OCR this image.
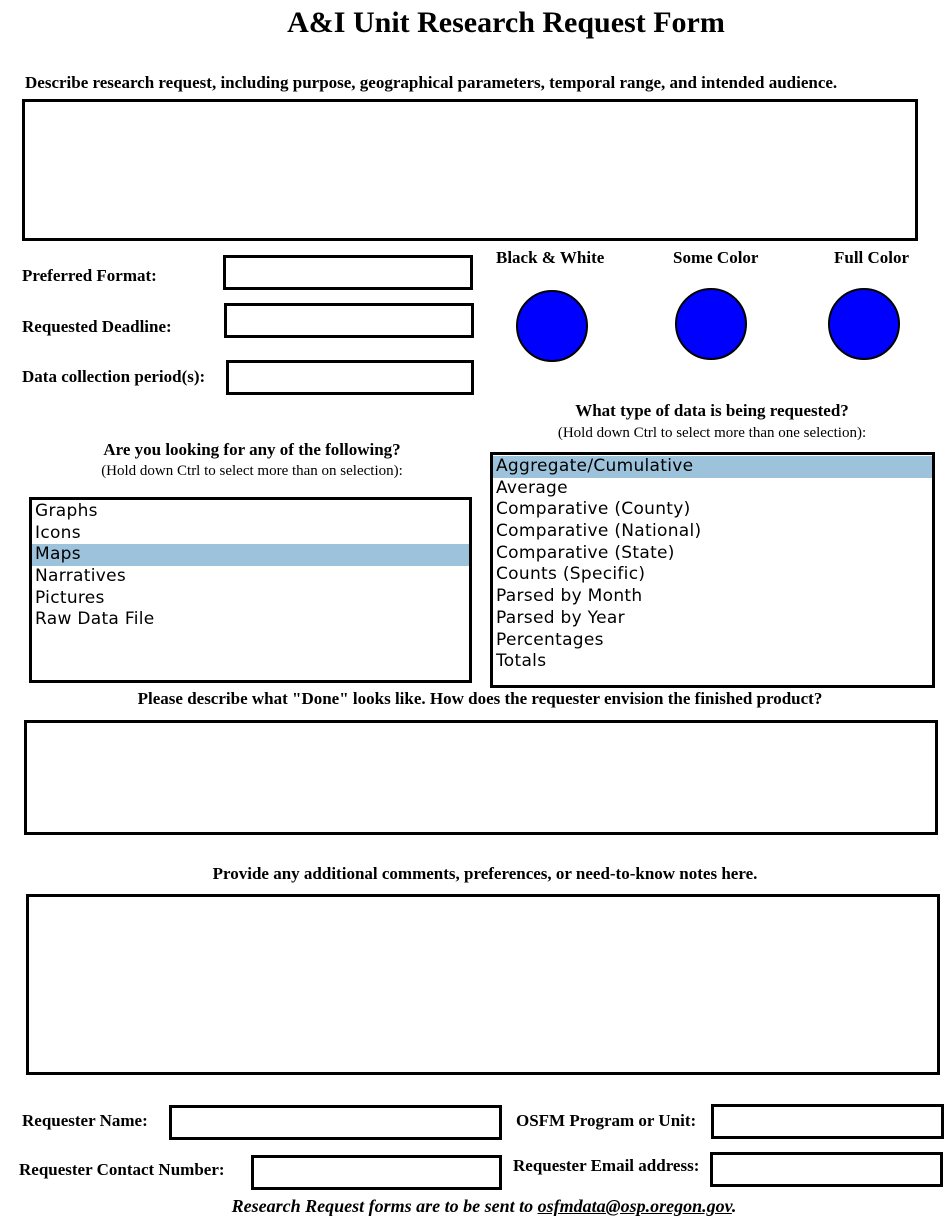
A&I Unit Research Request Form
Describe research request, including purpose, geographical parameters, temporal range, and intended audience.
Preferred Format:
Requested Deadline:
Data collection period(s):
Black & White	Some Color	Full Color
What type of data is being requested?
(Hold down Ctrl to select more than one selection):
Are you looking for any of the following?
(Hold down Ctrl to select more than on selection):
Graphs
Icons
Maps
Narratives
Pictures
Raw Data File
Aggregate/Cumulative
Average
Comparative (County)
Comparative (National)
Comparative (State)
Counts (Specific)
Parsed by Month
Parsed by Year
Percentages
Totals
Please describe what "Done" looks like. How does the requester envision the finished product?
Provide any additional comments, preferences, or need-to-know notes here.
Requester Name:	OSFM Program or Unit:
Requester Contact Number:	Requester Email address:
Research Request forms are to be sent to osfmdata@osp.oregon.gov.
